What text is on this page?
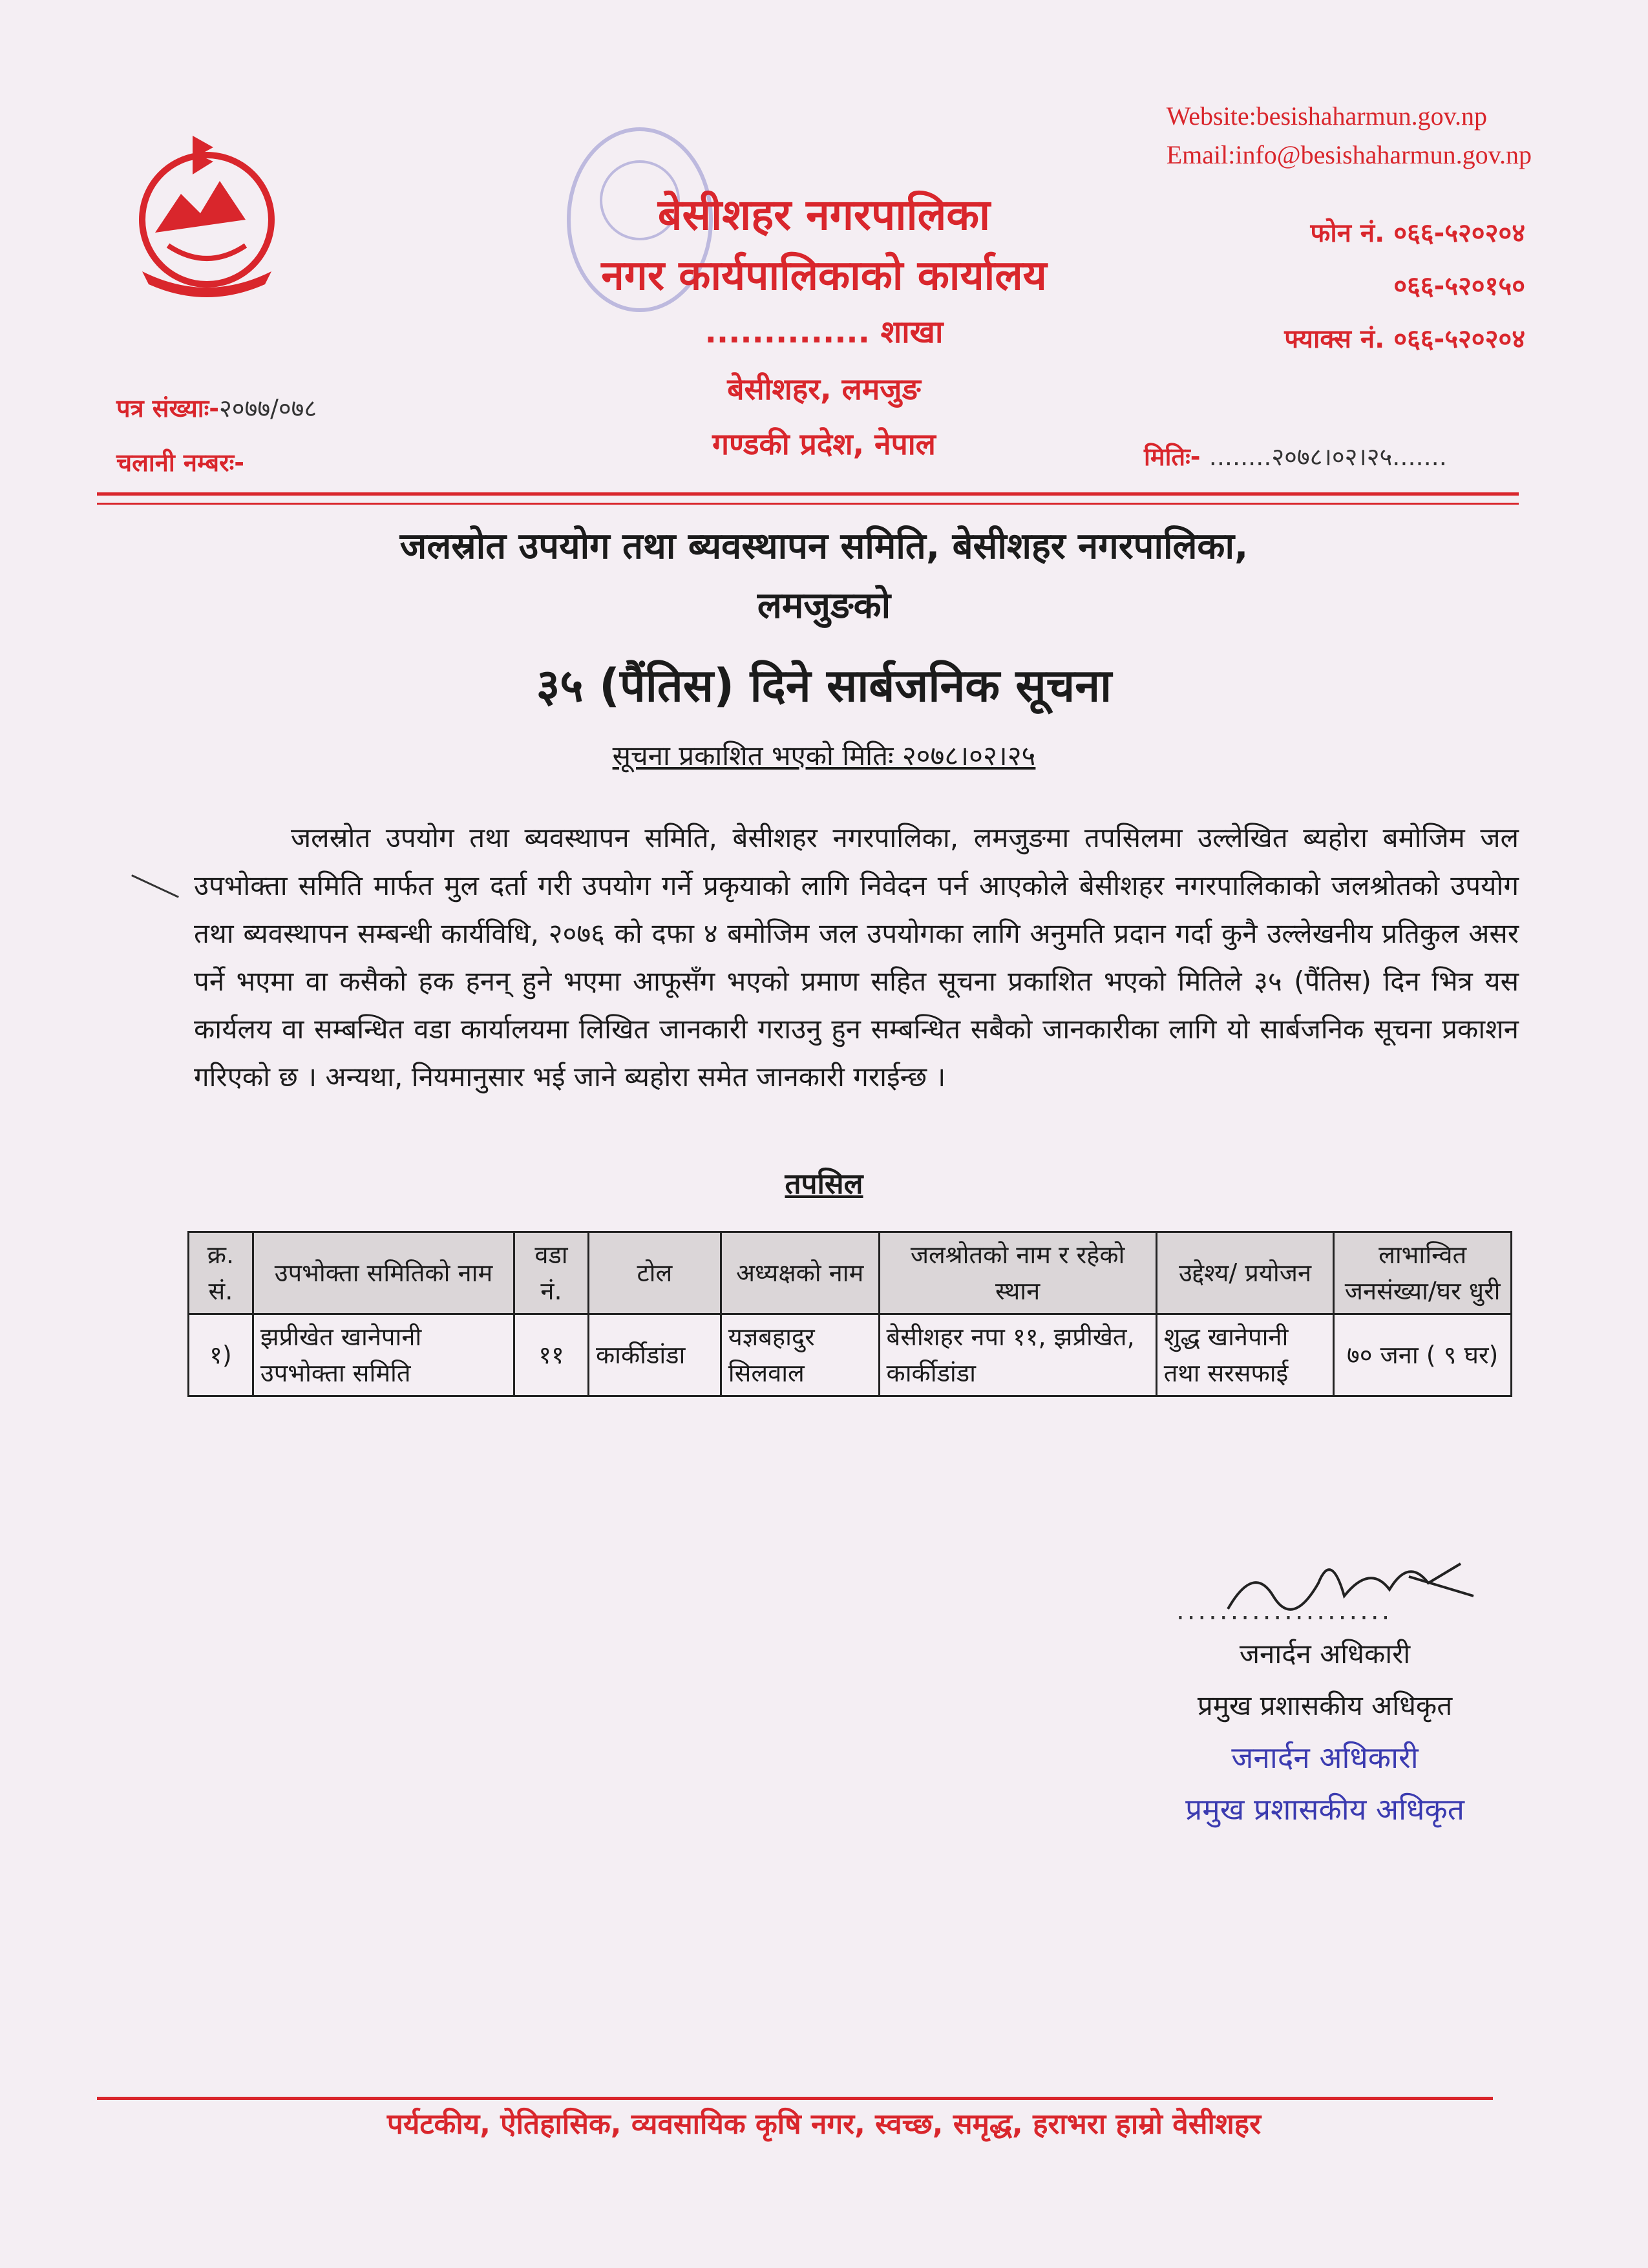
Website:besishaharmun.gov.np
Email:info@besishaharmun.gov.np
बेसीशहर नगरपालिका
नगर कार्यपालिकाको कार्यालय
.............. शाखा
बेसीशहर, लमजुङ
गण्डकी प्रदेश, नेपाल
फोन नं. ०६६-५२०२०४
०६६-५२०१५०
फ्याक्स नं. ०६६-५२०२०४
पत्र संख्याः-२०७७/०७८
चलानी नम्बरः-	मितिः- ........२०७८।०२।२५.......
जलस्रोत उपयोग तथा ब्यवस्थापन समिति, बेसीशहर नगरपालिका,
लमजुङको
३५ (पैंतिस) दिने सार्बजनिक सूचना
सूचना प्रकाशित भएको मितिः २०७८।०२।२५
जलस्रोत उपयोग तथा ब्यवस्थापन समिति, बेसीशहर नगरपालिका, लमजुङमा तपसिलमा उल्लेखित ब्यहोरा बमोजिम जल उपभोक्ता समिति मार्फत मुल दर्ता गरी उपयोग गर्ने प्रकृयाको लागि निवेदन पर्न आएकोले बेसीशहर नगरपालिकाको जलश्रोतको उपयोग तथा ब्यवस्थापन सम्बन्धी कार्यविधि, २०७६ को दफा ४ बमोजिम जल उपयोगका लागि अनुमति प्रदान गर्दा कुनै उल्लेखनीय प्रतिकुल असर पर्ने भएमा वा कसैको हक हनन् हुने भएमा आफूसँग भएको प्रमाण सहित सूचना प्रकाशित भएको मितिले ३५ (पैंतिस) दिन भित्र यस कार्यलय वा सम्बन्धित वडा कार्यालयमा लिखित जानकारी गराउनु हुन सम्बन्धित सबैको जानकारीका लागि यो सार्बजनिक सूचना प्रकाशन गरिएको छ । अन्यथा, नियमानुसार भई जाने ब्यहोरा समेत जानकारी गराईन्छ ।
तपसिल
क्र. सं.	उपभोक्ता समितिको नाम	वडा नं.	टोल	अध्यक्षको नाम	जलश्रोतको नाम र रहेको स्थान	उद्देश्य/ प्रयोजन	लाभान्वित जनसंख्या/घर धुरी
१)	झप्रीखेत खानेपानी उपभोक्ता समिति	११	कार्कीडांडा	यज्ञबहादुर सिलवाल	बेसीशहर नपा ११, झप्रीखेत, कार्कीडांडा	शुद्ध खानेपानी तथा सरसफाई	७० जना ( ९ घर)
....................
जनार्दन अधिकारी
प्रमुख प्रशासकीय अधिकृत
जनार्दन अधिकारी
प्रमुख प्रशासकीय अधिकृत
पर्यटकीय, ऐतिहासिक, व्यवसायिक कृषि नगर, स्वच्छ, समृद्ध, हराभरा हाम्रो वेसीशहर
